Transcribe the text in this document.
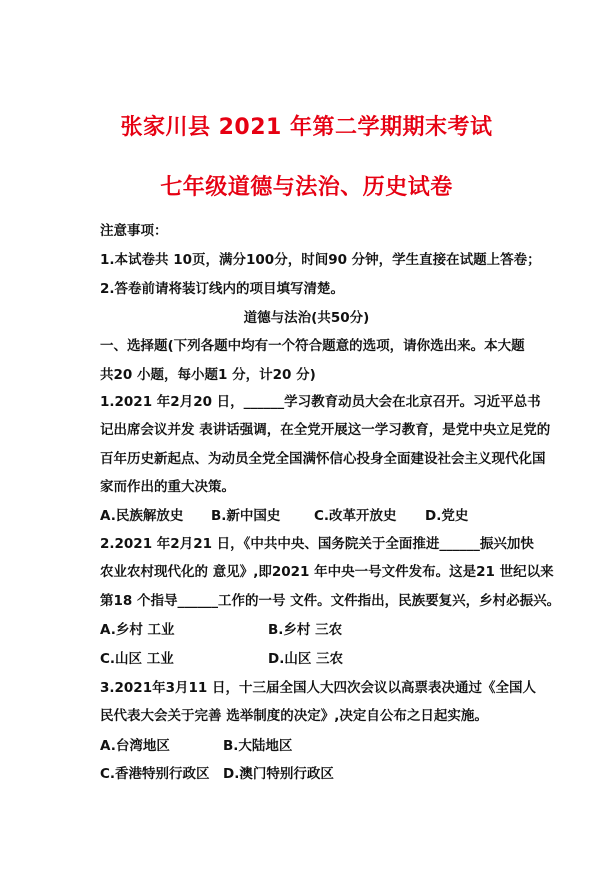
张家川县 2021 年第二学期期末考试
七年级道德与法治、历史试卷
注意事项：
1.本试卷共 10页，满分100分，时间90 分钟，学生直接在试题上答卷；
2.答卷前请将装订线内的项目填写清楚。
道德与法治(共50分)
一、选择题(下列各题中均有一个符合题意的选项，请你选出来。本大题
共20 小题，每小题1 分，计20 分)
1.2021 年2月20 日，______学习教育动员大会在北京召开。习近平总书
记出席会议并发 表讲话强调，在全党开展这一学习教育，是党中央立足党的
百年历史新起点、为动员全党全国满怀信心投身全面建设社会主义现代化国
家而作出的重大决策。
A.民族解放史 B.新中国史 C.改革开放史 D.党史
2.2021 年2月21 日，《中共中央、国务院关于全面推进______振兴加快
农业农村现代化的 意见》,即2021 年中央一号文件发布。这是21 世纪以来
第18 个指导______工作的一号 文件。文件指出，民族要复兴，乡村必振兴。
A.乡村 工业	B.乡村 三农
C.山区 工业	D.山区 三农
3.2021年3月11 日，十三届全国人大四次会议以高票表决通过《全国人
民代表大会关于完善 选举制度的决定》,决定自公布之日起实施。
A.台湾地区	B.大陆地区
C.香港特别行政区 D.澳门特别行政区
